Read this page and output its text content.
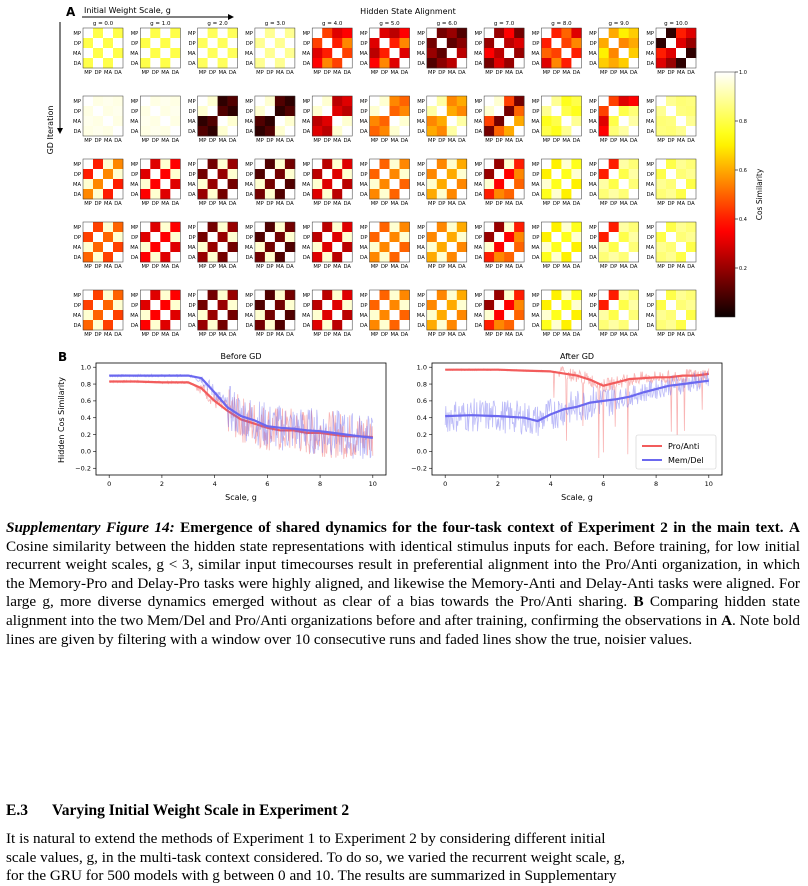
A	Hidden State Alignment
Initial Weight Scale, g
GD Iteration
g = 0.0	g = 1.0	g = 2.0	g = 3.0	g = 4.0	g = 5.0	g = 6.0	g = 7.0	g = 8.0	g = 9.0	g = 10.0
MP
MP
DP
DP
MA
MA
DA
DA
MP
MP
DP
DP
MA
MA
DA
DA
MP
MP
DP
DP
MA
MA
DA
DA
MP
MP
DP
DP
MA
MA
DA
DA
MP
MP
DP
DP
MA
MA
DA
DA
MP
MP
DP
DP
MA
MA
DA
DA
MP
MP
DP
DP
MA
MA
DA
DA
MP
MP
DP
DP
MA
MA
DA
DA
MP
MP
DP
DP
MA
MA
DA
DA
MP
MP
DP
DP
MA
MA
DA
DA
MP
MP
DP
DP
MA
MA
DA
DA
MP
MP
DP
DP
MA
MA
DA
DA
MP
MP
DP
DP
MA
MA
DA
DA
MP
MP
DP
DP
MA
MA
DA
DA
MP
MP
DP
DP
MA
MA
DA
DA
MP
MP
DP
DP
MA
MA
DA
DA
MP
MP
DP
DP
MA
MA
DA
DA
MP
MP
DP
DP
MA
MA
DA
DA
MP
MP
DP
DP
MA
MA
DA
DA
MP
MP
DP
DP
MA
MA
DA
DA
MP
MP
DP
DP
MA
MA
DA
DA
MP
MP
DP
DP
MA
MA
DA
DA
MP
MP
DP
DP
MA
MA
DA
DA
MP
MP
DP
DP
MA
MA
DA
DA
MP
MP
DP
DP
MA
MA
DA
DA
MP
MP
DP
DP
MA
MA
DA
DA
MP
MP
DP
DP
MA
MA
DA
DA
MP
MP
DP
DP
MA
MA
DA
DA
MP
MP
DP
DP
MA
MA
DA
DA
MP
MP
DP
DP
MA
MA
DA
DA
MP
MP
DP
DP
MA
MA
DA
DA
MP
MP
DP
DP
MA
MA
DA
DA
MP
MP
DP
DP
MA
MA
DA
DA
MP
MP
DP
DP
MA
MA
DA
DA
MP
MP
DP
DP
MA
MA
DA
DA
MP
MP
DP
DP
MA
MA
DA
DA
MP
MP
DP
DP
MA
MA
DA
DA
MP
MP
DP
DP
MA
MA
DA
DA
MP
MP
DP
DP
MA
MA
DA
DA
MP
MP
DP
DP
MA
MA
DA
DA
MP
MP
DP
DP
MA
MA
DA
DA
MP
MP
DP
DP
MA
MA
DA
DA
MP
MP
DP
DP
MA
MA
DA
DA
MP
MP
DP
DP
MA
MA
DA
DA
MP
MP
DP
DP
MA
MA
DA
DA
MP
MP
DP
DP
MA
MA
DA
DA
MP
MP
DP
DP
MA
MA
DA
DA
MP
MP
DP
DP
MA
MA
DA
DA
MP
MP
DP
DP
MA
MA
DA
DA
MP
MP
DP
DP
MA
MA
DA
DA
MP
MP
DP
DP
MA
MA
DA
DA
MP
MP
DP
DP
MA
MA
DA
DA
MP
MP
DP
DP
MA
MA
DA
DA
MP
MP
DP
DP
MA
MA
DA
DA
MP
MP
DP
DP
MA
MA
DA
DA
1.0
0.8
0.6
0.4
0.2
Cos Similarity
B
Hidden Cos Similarity
Before GD
0	2	4	6	8	10
1.0
0.8
0.6
0.4
0.2
0.0
−0.2
Scale, g
After GD
0	2	4	6	8	10
1.0
0.8
0.6
0.4
0.2
0.0
−0.2
Scale, g
Pro/Anti
Mem/Del
Supplementary Figure 14: Emergence of shared dynamics for the four-task context of Experiment 2 in the main text. A Cosine similarity between the hidden state representations with identical stimulus inputs for each. Before training, for low initial recurrent weight scales, g < 3, similar input timecourses result in preferential alignment into the Pro/Anti organization, in which the Memory-Pro and Delay-Pro tasks were highly aligned, and likewise the Memory-Anti and Delay-Anti tasks were aligned. For large g, more diverse dynamics emerged without as clear of a bias towards the Pro/Anti sharing. B Comparing hidden state alignment into the two Mem/Del and Pro/Anti organizations before and after training, confirming the observations in A. Note bold lines are given by filtering with a window over 10 consecutive runs and faded lines show the true, noisier values.
E.3 Varying Initial Weight Scale in Experiment 2
It is natural to extend the methods of Experiment 1 to Experiment 2 by considering different initial
scale values, g, in the multi-task context considered. To do so, we varied the recurrent weight scale, g,
for the GRU for 500 models with g between 0 and 10. The results are summarized in Supplementary
